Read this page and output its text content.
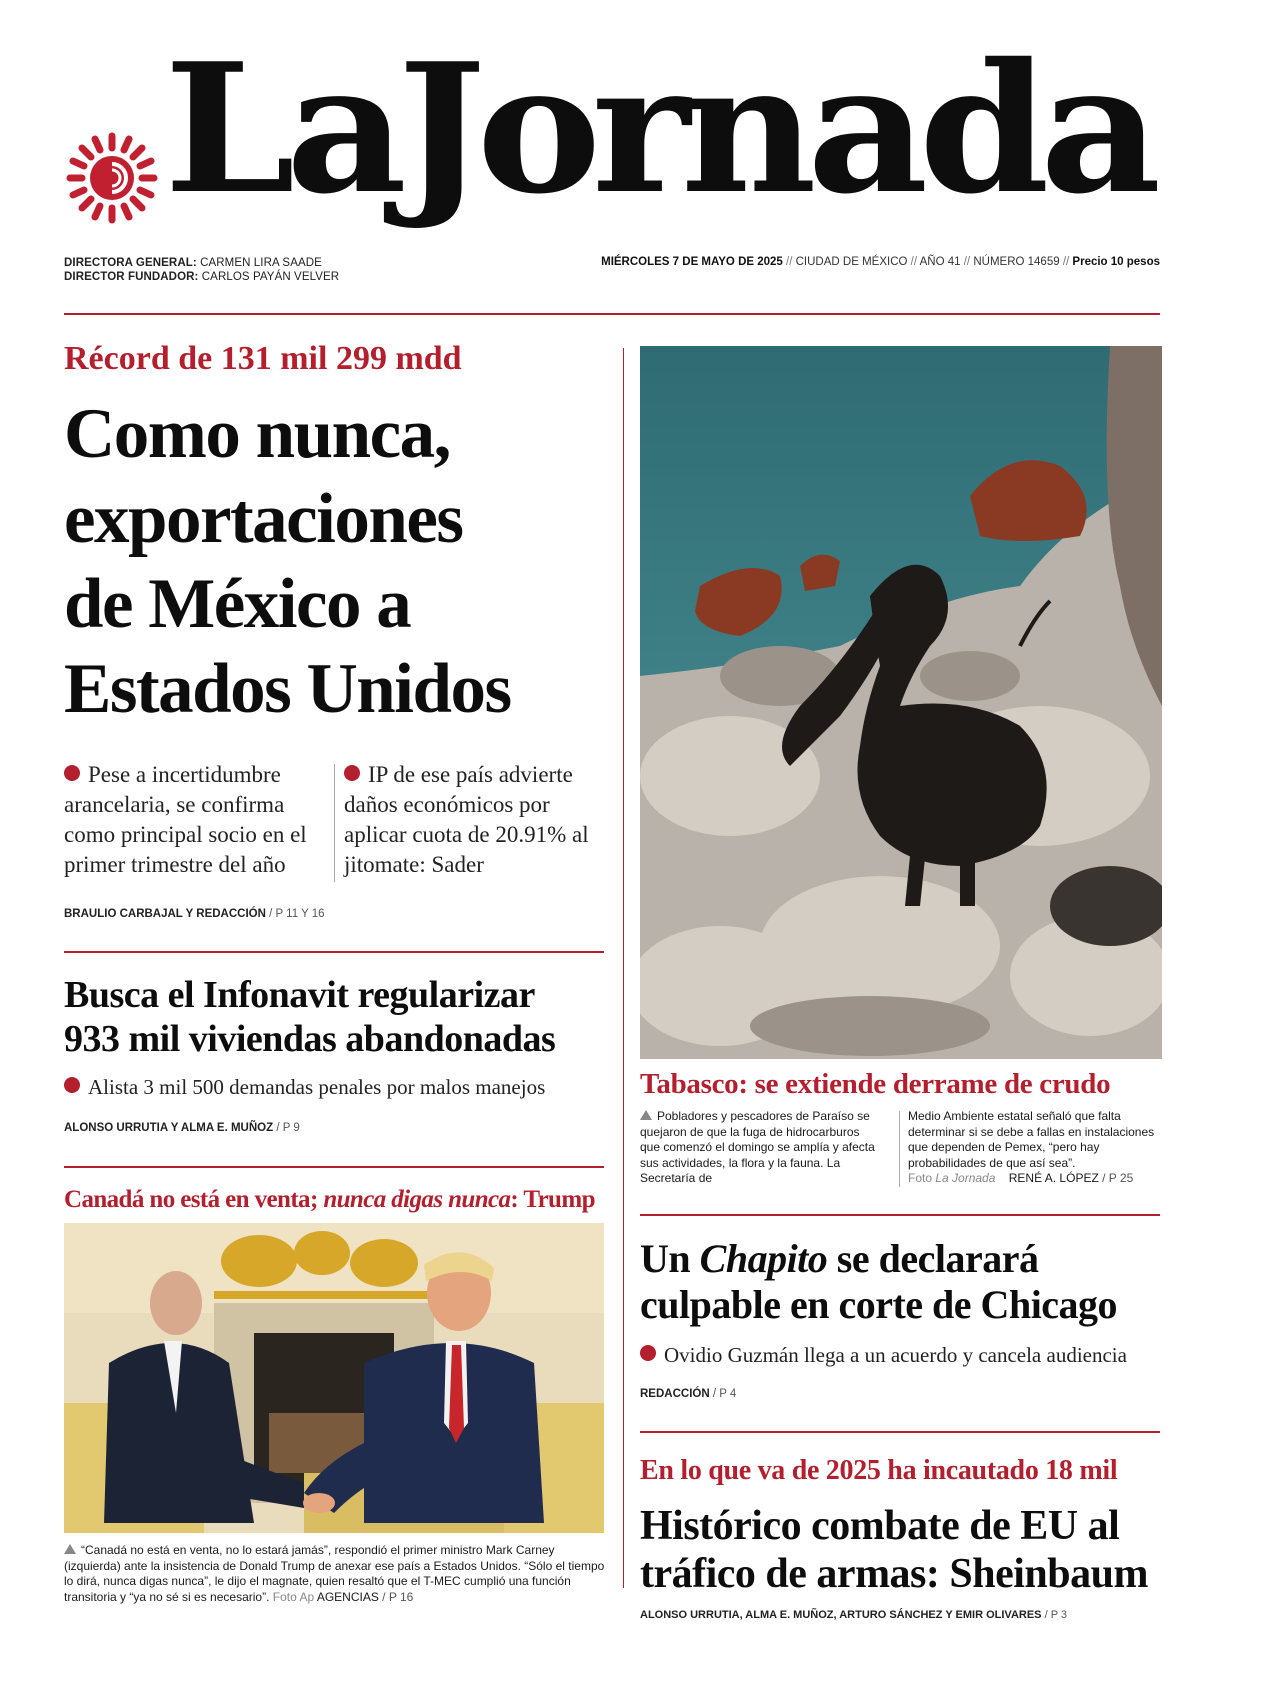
LaJornada
DIRECTORA GENERAL: CARMEN LIRA SAADE
DIRECTOR FUNDADOR: CARLOS PAYÁN VELVER
MIÉRCOLES 7 DE MAYO DE 2025 // CIUDAD DE MÉXICO // AÑO 41 // NÚMERO 14659 // Precio 10 pesos
Récord de 131 mil 299 mdd
Como nunca,
exportaciones
de México a
Estados Unidos
Pese a incertidumbre arancelaria, se confirma como principal socio en el primer trimestre del año
IP de ese país advierte daños económicos por aplicar cuota de 20.91% al jitomate: Sader
BRAULIO CARBAJAL Y REDACCIÓN / P 11 Y 16
Busca el Infonavit regularizar
933 mil viviendas abandonadas
Alista 3 mil 500 demandas penales por malos manejos
ALONSO URRUTIA Y ALMA E. MUÑOZ / P 9
Canadá no está en venta; nunca digas nunca: Trump
“Canadá no está en venta, no lo estará jamás”, respondió el primer ministro Mark Carney (izquierda) ante la insistencia de Donald Trump de anexar ese país a Estados Unidos. “Sólo el tiempo lo dirá, nunca digas nunca”, le dijo el magnate, quien resaltó que el T-MEC cumplió una función transitoria y “ya no sé si es necesario”. Foto Ap AGENCIAS / P 16
Tabasco: se extiende derrame de crudo
Pobladores y pescadores de Paraíso se quejaron de que la fuga de hidrocarburos que comenzó el domingo se amplía y afecta sus actividades, la flora y la fauna. La Secretaría de
Medio Ambiente estatal señaló que falta determinar si se debe a fallas en instalaciones que dependen de Pemex, “pero hay probabilidades de que así sea”.
Foto La Jornada RENÉ A. LÓPEZ / P 25
Un Chapito se declarará
culpable en corte de Chicago
Ovidio Guzmán llega a un acuerdo y cancela audiencia
REDACCIÓN / P 4
En lo que va de 2025 ha incautado 18 mil
Histórico combate de EU al
tráfico de armas: Sheinbaum
ALONSO URRUTIA, ALMA E. MUÑOZ, ARTURO SÁNCHEZ Y EMIR OLIVARES / P 3
